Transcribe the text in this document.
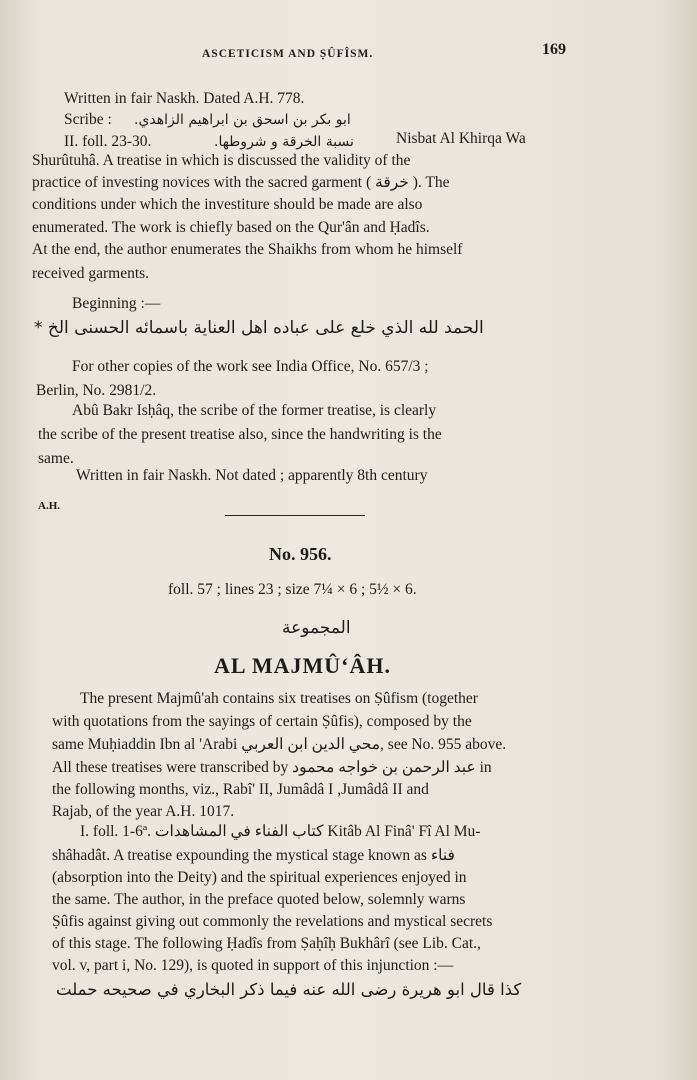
ASCETICISM AND ṢÛFÎSM.	169
Written in fair Naskh. Dated A.H. 778.
Scribe : ابو بكر بن اسحق بن ابراهيم الزاهدي.
II. foll. 23-30.	نسبة الخرقة و شروطها.	Nisbat Al Khirqa Wa
Shurûtuhâ. A treatise in which is discussed the validity of the
practice of investing novices with the sacred garment ( خرقة ). The
conditions under which the investiture should be made are also
enumerated. The work is chiefly based on the Qur'ân and Ḥadîs.
At the end, the author enumerates the Shaikhs from whom he himself
received garments.
Beginning :—
الحمد لله الذي خلع على عباده اهل العناية باسمائه الحسنى الخ *
For other copies of the work see India Office, No. 657/3 ;
Berlin, No. 2981/2.
Abû Bakr Isḥâq, the scribe of the former treatise, is clearly
the scribe of the present treatise also, since the handwriting is the
same.
Written in fair Naskh. Not dated ; apparently 8th century
A.H.
No. 956.
foll. 57 ; lines 23 ; size 7¼ × 6 ; 5½ × 6.
المجموعة
AL MAJMÛ‘ÂH.
The present Majmû'ah contains six treatises on Ṣûfism (together
with quotations from the sayings of certain Ṣûfis), composed by the
same Muḥiaddin Ibn al 'Arabi محي الدين ابن العربي, see No. 955 above.
All these treatises were transcribed by عبد الرحمن بن خواجه محمود in
the following months, viz., Rabî' II, Jumâdâ I ,Jumâdâ II and
Rajab, of the year A.H. 1017.
I. foll. 1-6ª. كتاب الفناء في المشاهدات Kitâb Al Finâ' Fî Al Mu-
shâhadât. A treatise expounding the mystical stage known as فناء
(absorption into the Deity) and the spiritual experiences enjoyed in
the same. The author, in the preface quoted below, solemnly warns
Ṣûfis against giving out commonly the revelations and mystical secrets
of this stage. The following Ḥadîs from Ṣaḥîḥ Bukhârî (see Lib. Cat.,
vol. v, part i, No. 129), is quoted in support of this injunction :—
كذا قال ابو هريرة رضى الله عنه فيما ذكر البخاري في صحيحه حملت
